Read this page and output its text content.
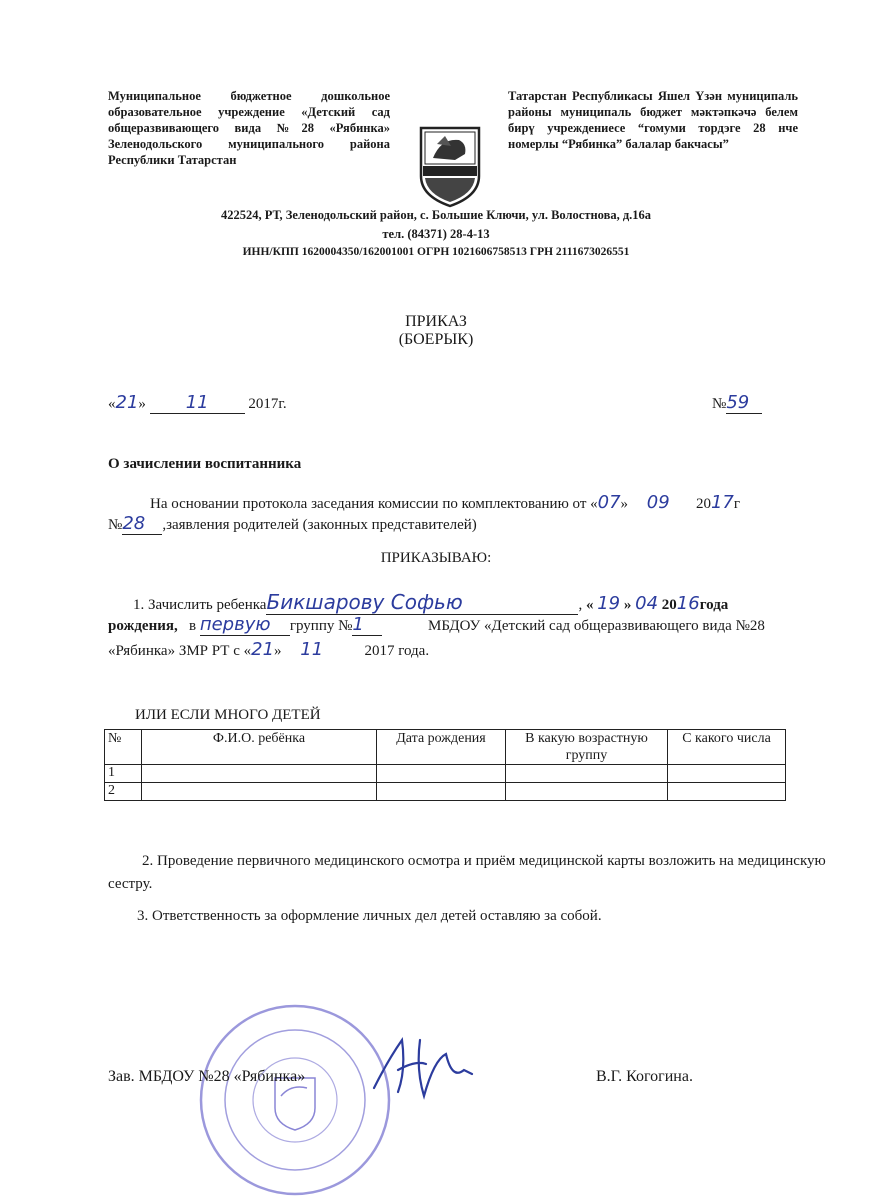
Муниципальное бюджетное дошкольное образовательное учреждение «Детский сад общеразвивающего вида №28 «Рябинка» Зеленодольского муниципального района Республики Татарстан
Татарстан Республикасы Яшел Үзән муниципаль районы муниципаль бюджет мәктәпкәчә белем бирү учреждениесе “гомуми тордэге 28 нче номерлы “Рябинка” балалар бакчасы”
422524, РТ, Зеленодольский район, с. Большие Ключи, ул. Волостнова, д.16а
тел. (84371) 28-4-13
ИНН/КПП 1620004350/162001001 ОГРН 1021606758513 ГРН 2111673026551
ПРИКАЗ
(БОЕРЫК)
«21» 11	2017г.	№59
О зачислении воспитанника
На основании протокола заседания комиссии по комплектованию от «07» 09 2017г
№28 ,заявления родителей (законных представителей)
ПРИКАЗЫВАЮ:
1. Зачислить ребенкаБикшарову Софью	, « 19 » 04 2016года
рождения, в первую группу №1	МБДОУ «Детский сад общеразвивающего вида №28 «Рябинка» ЗМР РТ с «21» 11	2017 года.
ИЛИ ЕСЛИ МНОГО ДЕТЕЙ
№	Ф.И.О. ребёнка	Дата рождения	В какую возрастную группу	С какого числа
1				
2				
2. Проведение первичного медицинского осмотра и приём медицинской карты возложить на медицинскую сестру.
3. Ответственность за оформление личных дел детей оставляю за собой.
Зав. МБДОУ №28 «Рябинка»	В.Г. Когогина.
